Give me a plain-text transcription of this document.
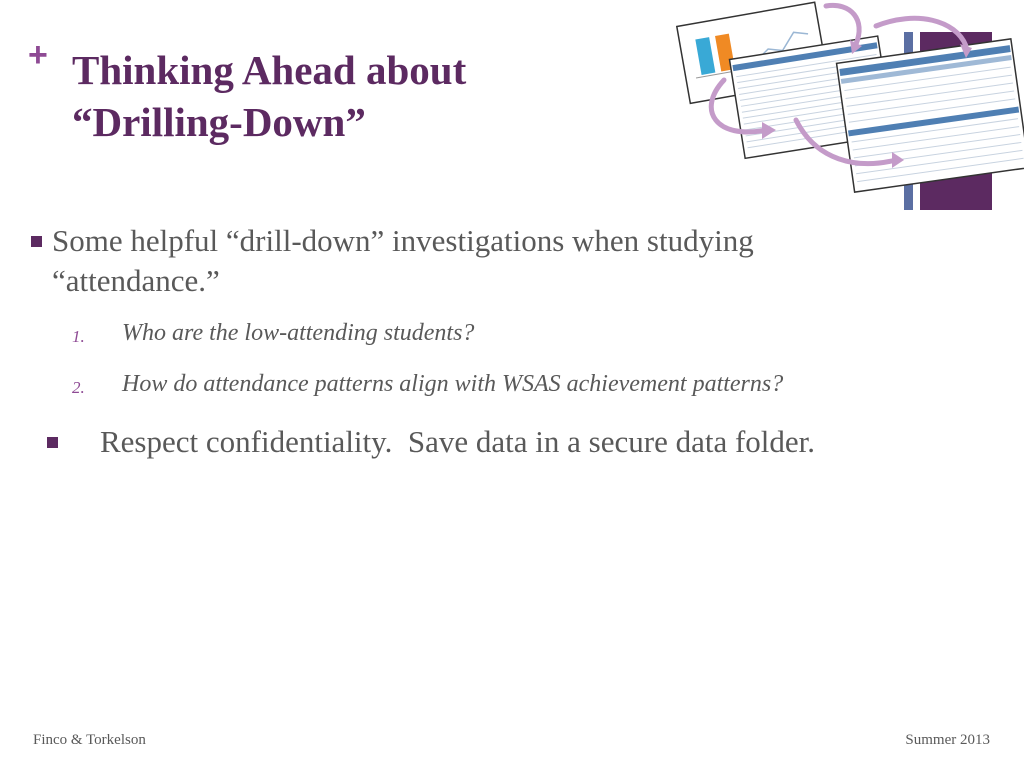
+ Thinking Ahead about
“Drilling-Down”
Some helpful “drill-down” investigations when studying
“attendance.”
1. Who are the low-attending students?
2. How do attendance patterns align with WSAS achievement patterns?
Respect confidentiality.  Save data in a secure data folder.
Finco & Torkelson	Summer 2013
